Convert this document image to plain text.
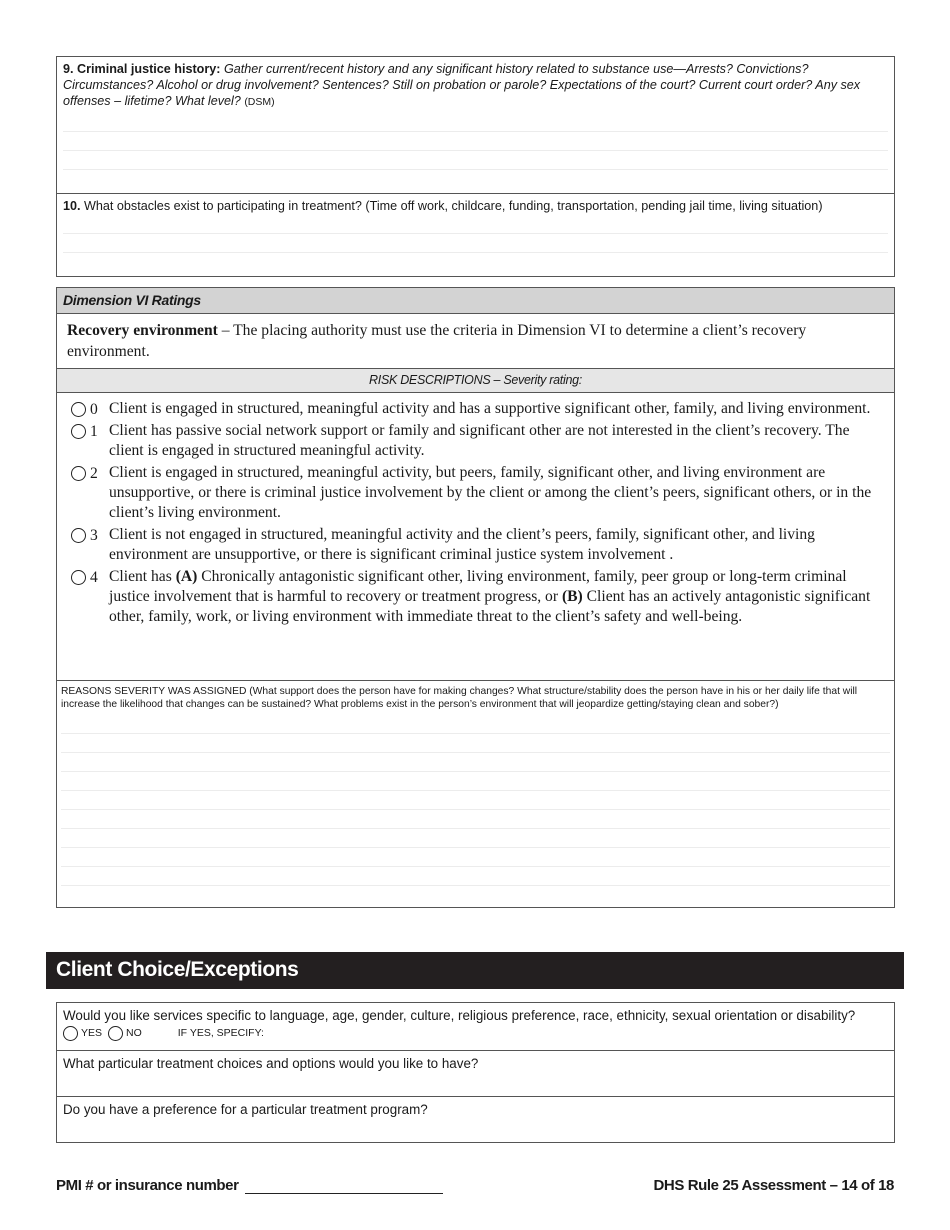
9. Criminal justice history: Gather current/recent history and any significant history related to substance use—Arrests? Convictions? Circumstances? Alcohol or drug involvement? Sentences? Still on probation or parole? Expectations of the court? Current court order? Any sex offenses – lifetime? What level? (DSM)
10. What obstacles exist to participating in treatment? (Time off work, childcare, funding, transportation, pending jail time, living situation)
Dimension VI Ratings
Recovery environment – The placing authority must use the criteria in Dimension VI to determine a client’s recovery environment.
RISK DESCRIPTIONS – Severity rating:
0 Client is engaged in structured, meaningful activity and has a supportive significant other, family, and living environment.
1 Client has passive social network support or family and significant other are not interested in the client’s recovery. The client is engaged in structured meaningful activity.
2 Client is engaged in structured, meaningful activity, but peers, family, significant other, and living environment are unsupportive, or there is criminal justice involvement by the client or among the client’s peers, significant others, or in the client’s living environment.
3 Client is not engaged in structured, meaningful activity and the client’s peers, family, significant other, and living environment are unsupportive, or there is significant criminal justice system involvement .
4 Client has (A) Chronically antagonistic significant other, living environment, family, peer group or long-term criminal justice involvement that is harmful to recovery or treatment progress, or (B) Client has an actively antagonistic significant other, family, work, or living environment with immediate threat to the client’s safety and well-being.
REASONS SEVERITY WAS ASSIGNED (What support does the person have for making changes? What structure/stability does the person have in his or her daily life that will increase the likelihood that changes can be sustained? What problems exist in the person’s environment that will jeopardize getting/staying clean and sober?)
Client Choice/Exceptions
Would you like services specific to language, age, gender, culture, religious preference, race, ethnicity, sexual orientation or disability?
YES NO	IF YES, SPECIFY:
What particular treatment choices and options would you like to have?
Do you have a preference for a particular treatment program?
PMI # or insurance number	DHS Rule 25 Assessment – 14 of 18
